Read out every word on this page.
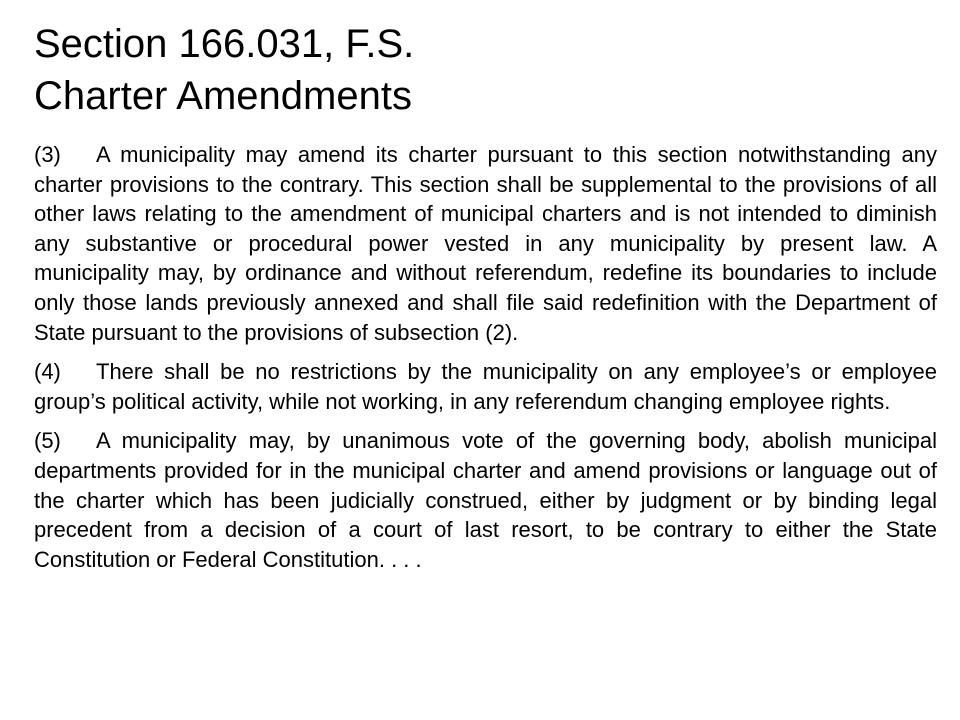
Section 166.031, F.S.
Charter Amendments

(3) A municipality may amend its charter pursuant to this section notwithstanding any charter provisions to the contrary. This section shall be supplemental to the provisions of all other laws relating to the amendment of municipal charters and is not intended to diminish any substantive or procedural power vested in any municipality by present law. A municipality may, by ordinance and without referendum, redefine its boundaries to include only those lands previously annexed and shall file said redefinition with the Department of State pursuant to the provisions of subsection (2).

(4) There shall be no restrictions by the municipality on any employee’s or employee group’s political activity, while not working, in any referendum changing employee rights.

(5) A municipality may, by unanimous vote of the governing body, abolish municipal departments provided for in the municipal charter and amend provisions or language out of the charter which has been judicially construed, either by judgment or by binding legal precedent from a decision of a court of last resort, to be contrary to either the State Constitution or Federal Constitution. . . .
